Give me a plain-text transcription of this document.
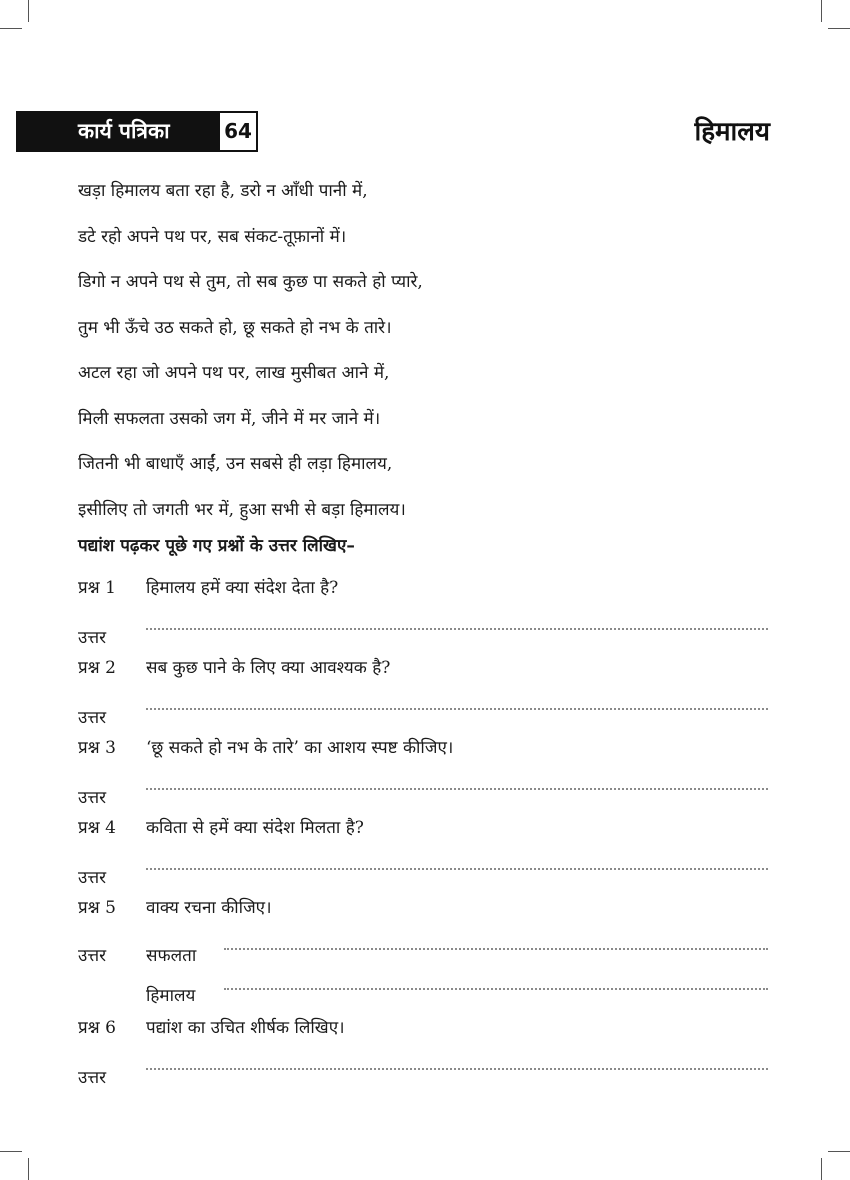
कार्य पत्रिका	64	हिमालय
खड़ा हिमालय बता रहा है, डरो न आँधी पानी में,
डटे रहो अपने पथ पर, सब संकट-तूफ़ानों में।
डिगो न अपने पथ से तुम, तो सब कुछ पा सकते हो प्यारे,
तुम भी ऊँचे उठ सकते हो, छू सकते हो नभ के तारे।
अटल रहा जो अपने पथ पर, लाख मुसीबत आने में,
मिली सफलता उसको जग में, जीने में मर जाने में।
जितनी भी बाधाएँ आईं, उन सबसे ही लड़ा हिमालय,
इसीलिए तो जगती भर में, हुआ सभी से बड़ा हिमालय।
पद्यांश पढ़कर पूछे गए प्रश्नों के उत्तर लिखिए–
प्रश्न 1	हिमालय हमें क्या संदेश देता है?
उत्तर
प्रश्न 2	सब कुछ पाने के लिए क्या आवश्यक है?
उत्तर
प्रश्न 3	‘छू सकते हो नभ के तारे’ का आशय स्पष्ट कीजिए।
उत्तर
प्रश्न 4	कविता से हमें क्या संदेश मिलता है?
उत्तर
प्रश्न 5	वाक्य रचना कीजिए।
उत्तर	सफलता
हिमालय
प्रश्न 6	पद्यांश का उचित शीर्षक लिखिए।
उत्तर
